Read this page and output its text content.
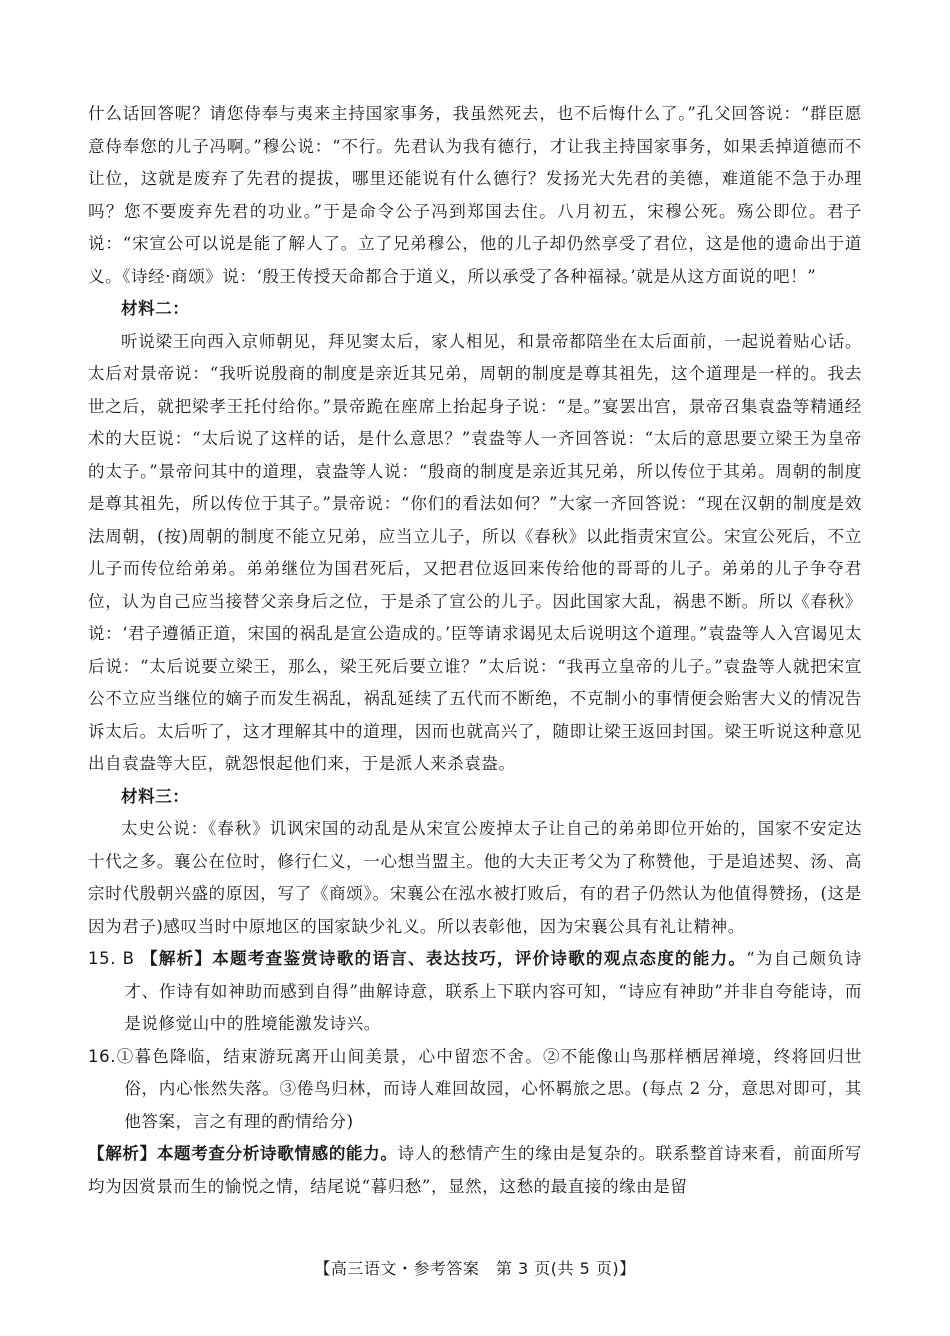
什么话回答呢？请您侍奉与夷来主持国家事务，我虽然死去，也不后悔什么了。”孔父回答说：“群臣愿意侍奉您的儿子冯啊。”穆公说：“不行。先君认为我有德行，才让我主持国家事务，如果丢掉道德而不让位，这就是废弃了先君的提拔，哪里还能说有什么德行？发扬光大先君的美德，难道能不急于办理吗？您不要废弃先君的功业。”于是命令公子冯到郑国去住。八月初五，宋穆公死。殇公即位。君子说：“宋宣公可以说是能了解人了。立了兄弟穆公，他的儿子却仍然享受了君位，这是他的遗命出于道义。《诗经·商颂》说：‘殷王传授天命都合于道义，所以承受了各种福禄。’就是从这方面说的吧！”

材料二：

听说梁王向西入京师朝见，拜见窦太后，家人相见，和景帝都陪坐在太后面前，一起说着贴心话。太后对景帝说：“我听说殷商的制度是亲近其兄弟，周朝的制度是尊其祖先，这个道理是一样的。我去世之后，就把梁孝王托付给你。”景帝跪在座席上抬起身子说：“是。”宴罢出宫，景帝召集袁盎等精通经术的大臣说：“太后说了这样的话，是什么意思？”袁盎等人一齐回答说：“太后的意思要立梁王为皇帝的太子。”景帝问其中的道理，袁盎等人说：“殷商的制度是亲近其兄弟，所以传位于其弟。周朝的制度是尊其祖先，所以传位于其子。”景帝说：“你们的看法如何？”大家一齐回答说：“现在汉朝的制度是效法周朝，(按)周朝的制度不能立兄弟，应当立儿子，所以《春秋》以此指责宋宣公。宋宣公死后，不立儿子而传位给弟弟。弟弟继位为国君死后，又把君位返回来传给他的哥哥的儿子。弟弟的儿子争夺君位，认为自己应当接替父亲身后之位，于是杀了宣公的儿子。因此国家大乱，祸患不断。所以《春秋》说：‘君子遵循正道，宋国的祸乱是宣公造成的。’臣等请求谒见太后说明这个道理。”袁盎等人入宫谒见太后说：“太后说要立梁王，那么，梁王死后要立谁？”太后说：“我再立皇帝的儿子。”袁盎等人就把宋宣公不立应当继位的嫡子而发生祸乱，祸乱延续了五代而不断绝，不克制小的事情便会贻害大义的情况告诉太后。太后听了，这才理解其中的道理，因而也就高兴了，随即让梁王返回封国。梁王听说这种意见出自袁盎等大臣，就怨恨起他们来，于是派人来杀袁盎。

材料三：

太史公说：《春秋》讥讽宋国的动乱是从宋宣公废掉太子让自己的弟弟即位开始的，国家不安定达十代之多。襄公在位时，修行仁义，一心想当盟主。他的大夫正考父为了称赞他，于是追述契、汤、高宗时代殷朝兴盛的原因，写了《商颂》。宋襄公在泓水被打败后，有的君子仍然认为他值得赞扬，(这是因为君子)感叹当时中原地区的国家缺少礼义。所以表彰他，因为宋襄公具有礼让精神。

15. B 【解析】本题考查鉴赏诗歌的语言、表达技巧，评价诗歌的观点态度的能力。“为自己颇负诗才、作诗有如神助而感到自得”曲解诗意，联系上下联内容可知，“诗应有神助”并非自夸能诗，而是说修觉山中的胜境能激发诗兴。

16.①暮色降临，结束游玩离开山间美景，心中留恋不舍。②不能像山鸟那样栖居禅境，终将回归世俗，内心怅然失落。③倦鸟归林，而诗人难回故园，心怀羁旅之思。(每点 2 分，意思对即可，其他答案，言之有理的酌情给分)

【解析】本题考查分析诗歌情感的能力。诗人的愁情产生的缘由是复杂的。联系整首诗来看，前面所写均为因赏景而生的愉悦之情，结尾说“暮归愁”，显然，这愁的最直接的缘由是留

【高三语文・参考答案　第 3 页(共 5 页)】
